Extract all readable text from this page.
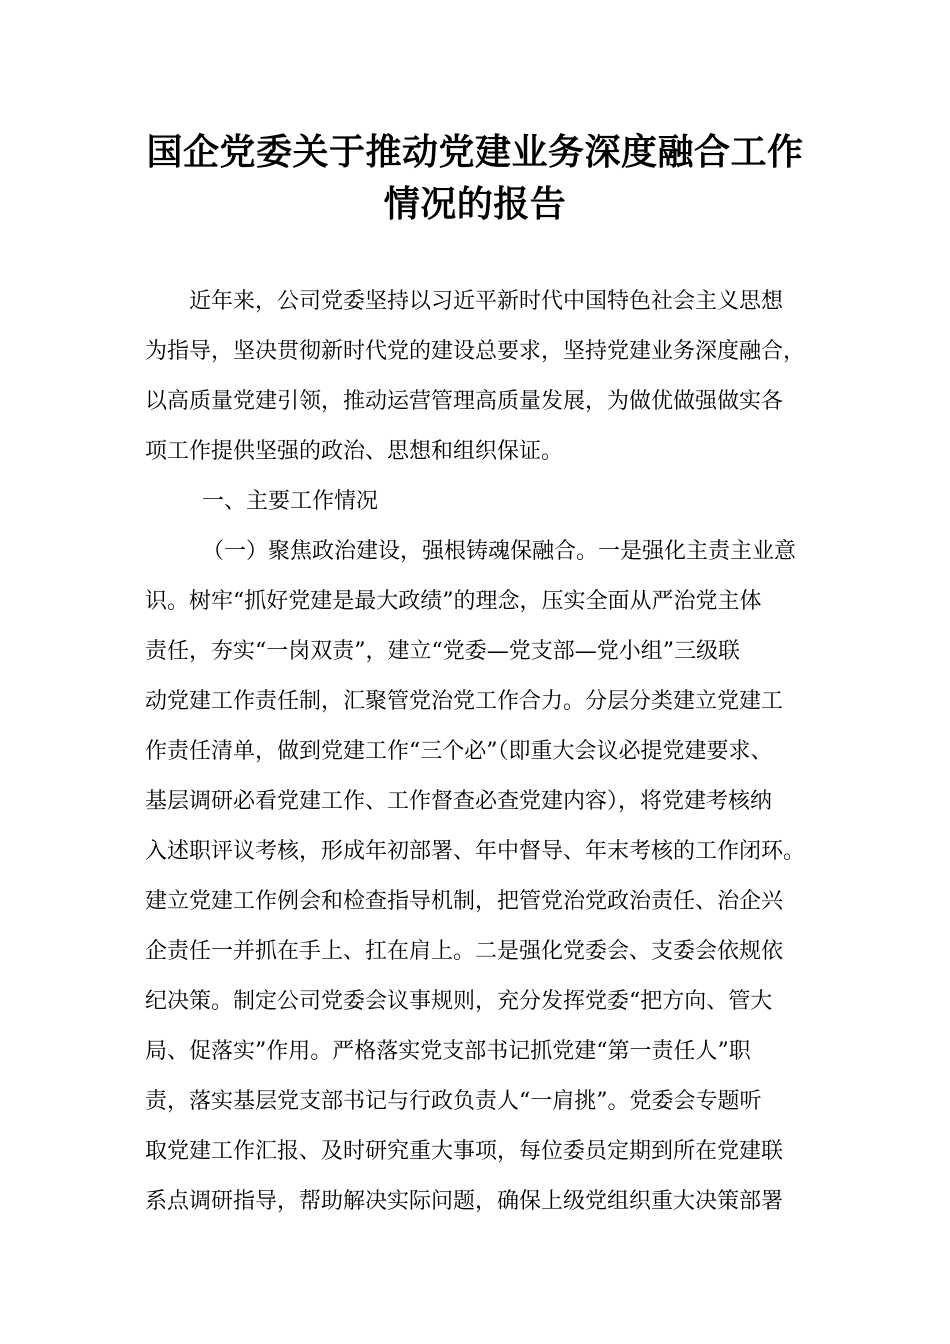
国企党委关于推动党建业务深度融合工作
情况的报告
近年来，公司党委坚持以习近平新时代中国特色社会主义思想
为指导，坚决贯彻新时代党的建设总要求，坚持党建业务深度融合，
以高质量党建引领，推动运营管理高质量发展，为做优做强做实各
项工作提供坚强的政治、思想和组织保证。
一、主要工作情况
（一）聚焦政治建设，强根铸魂保融合。一是强化主责主业意
识。树牢“抓好党建是最大政绩”的理念，压实全面从严治党主体
责任，夯实“一岗双责”，建立“党委—党支部—党小组”三级联
动党建工作责任制，汇聚管党治党工作合力。分层分类建立党建工
作责任清单，做到党建工作“三个必”（即重大会议必提党建要求、
基层调研必看党建工作、工作督查必查党建内容），将党建考核纳
入述职评议考核，形成年初部署、年中督导、年末考核的工作闭环。
建立党建工作例会和检查指导机制，把管党治党政治责任、治企兴
企责任一并抓在手上、扛在肩上。二是强化党委会、支委会依规依
纪决策。制定公司党委会议事规则，充分发挥党委“把方向、管大
局、促落实”作用。严格落实党支部书记抓党建“第一责任人”职
责，落实基层党支部书记与行政负责人“一肩挑”。党委会专题听
取党建工作汇报、及时研究重大事项，每位委员定期到所在党建联
系点调研指导，帮助解决实际问题，确保上级党组织重大决策部署
